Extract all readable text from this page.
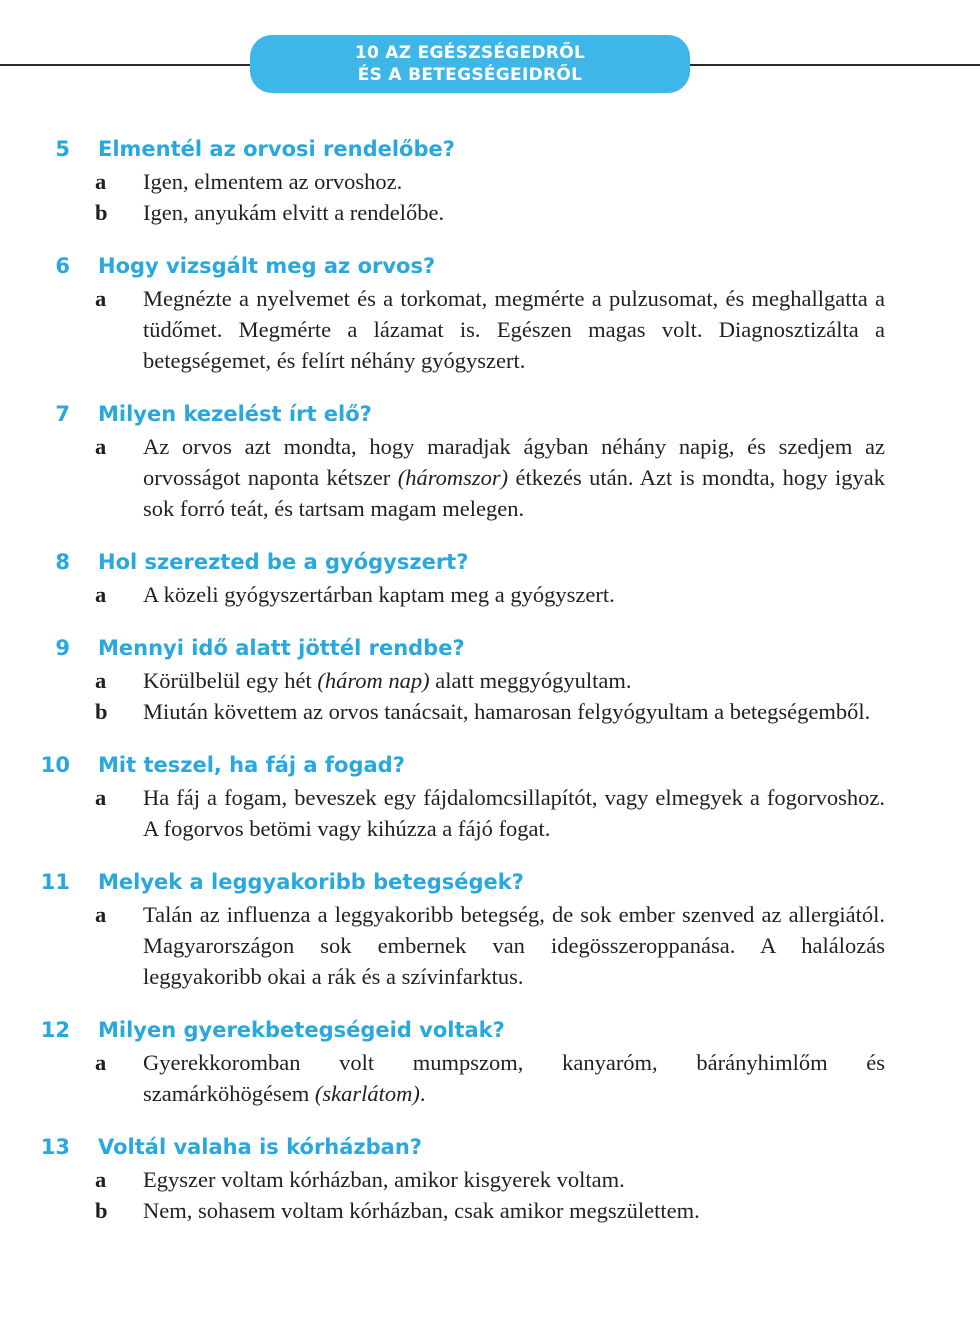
10 AZ EGÉSZSÉGEDRŐL
ÉS A BETEGSÉGEIDRŐL
5 Elmentél az orvosi rendelőbe?
a Igen, elmentem az orvoshoz.
b Igen, anyukám elvitt a rendelőbe.
6 Hogy vizsgált meg az orvos?
a Megnézte a nyelvemet és a torkomat, megmérte a pulzusomat, és meghallgatta a tüdőmet. Megmérte a lázamat is. Egészen magas volt. Diagnosztizálta a betegségemet, és felírt néhány gyógyszert.
7 Milyen kezelést írt elő?
a Az orvos azt mondta, hogy maradjak ágyban néhány napig, és szedjem az orvosságot naponta kétszer (háromszor) étkezés után. Azt is mondta, hogy igyak sok forró teát, és tartsam magam melegen.
8 Hol szerezted be a gyógyszert?
a A közeli gyógyszertárban kaptam meg a gyógyszert.
9 Mennyi idő alatt jöttél rendbe?
a Körülbelül egy hét (három nap) alatt meggyógyultam.
b Miután követtem az orvos tanácsait, hamarosan felgyógyultam a betegségemből.
10 Mit teszel, ha fáj a fogad?
a Ha fáj a fogam, beveszek egy fájdalomcsillapítót, vagy elmegyek a fogorvoshoz. A fogorvos betömi vagy kihúzza a fájó fogat.
11 Melyek a leggyakoribb betegségek?
a Talán az influenza a leggyakoribb betegség, de sok ember szenved az allergiától. Magyarországon sok embernek van idegösszeroppanása. A halálozás leggyakoribb okai a rák és a szívinfarktus.
12 Milyen gyerekbetegségeid voltak?
a Gyerekkoromban volt mumpszom, kanyaróm, bárányhimlőm és szamárköhögésem (skarlátom).
13 Voltál valaha is kórházban?
a Egyszer voltam kórházban, amikor kisgyerek voltam.
b Nem, sohasem voltam kórházban, csak amikor megszülettem.
